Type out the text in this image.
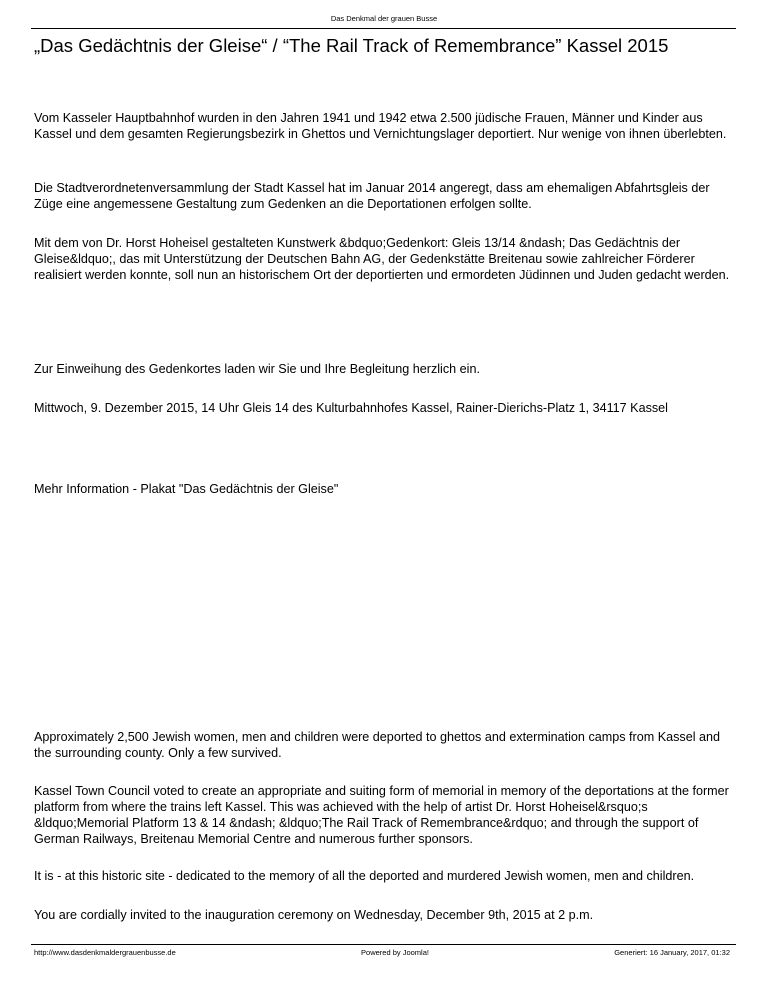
Das Denkmal der grauen Busse
„Das Gedächtnis der Gleise“ / “The Rail Track of Remembrance” Kassel 2015

Vom Kasseler Hauptbahnhof wurden in den Jahren 1941 und 1942 etwa 2.500 jüdische Frauen, Männer und Kinder aus Kassel und dem gesamten Regierungsbezirk in Ghettos und Vernichtungslager deportiert. Nur wenige von ihnen überlebten.

Die Stadtverordnetenversammlung der Stadt Kassel hat im Januar 2014 angeregt, dass am ehemaligen Abfahrtsgleis der Züge eine angemessene Gestaltung zum Gedenken an die Deportationen erfolgen sollte.

Mit dem von Dr. Horst Hoheisel gestalteten Kunstwerk &bdquo;Gedenkort: Gleis 13/14 &ndash; Das Gedächtnis der Gleise&ldquo;, das mit Unterstützung der Deutschen Bahn AG, der Gedenkstätte Breitenau sowie zahlreicher Förderer realisiert werden konnte, soll nun an historischem Ort der deportierten und ermordeten Jüdinnen und Juden gedacht werden.

Zur Einweihung des Gedenkortes laden wir Sie und Ihre Begleitung herzlich ein.

Mittwoch, 9. Dezember 2015, 14 Uhr Gleis 14 des Kulturbahnhofes Kassel, Rainer-Dierichs-Platz 1, 34117 Kassel

Mehr Information - Plakat "Das Gedächtnis der Gleise"

Approximately 2,500 Jewish women, men and children were deported to ghettos and extermination camps from Kassel and the surrounding county. Only a few survived.

Kassel Town Council voted to create an appropriate and suiting form of memorial in memory of the deportations at the former platform from where the trains left Kassel. This was achieved with the help of artist Dr. Horst Hoheisel&rsquo;s &ldquo;Memorial Platform 13 & 14 &ndash; &ldquo;The Rail Track of Remembrance&rdquo; and through the support of German Railways, Breitenau Memorial Centre and numerous further sponsors.

It is - at this historic site - dedicated to the memory of all the deported and murdered Jewish women, men and children.

You are cordially invited to the inauguration ceremony on Wednesday, December 9th, 2015 at 2 p.m.

http://www.dasdenkmaldergrauenbusse.de	Powered by Joomla!	Generiert: 16 January, 2017, 01:32
